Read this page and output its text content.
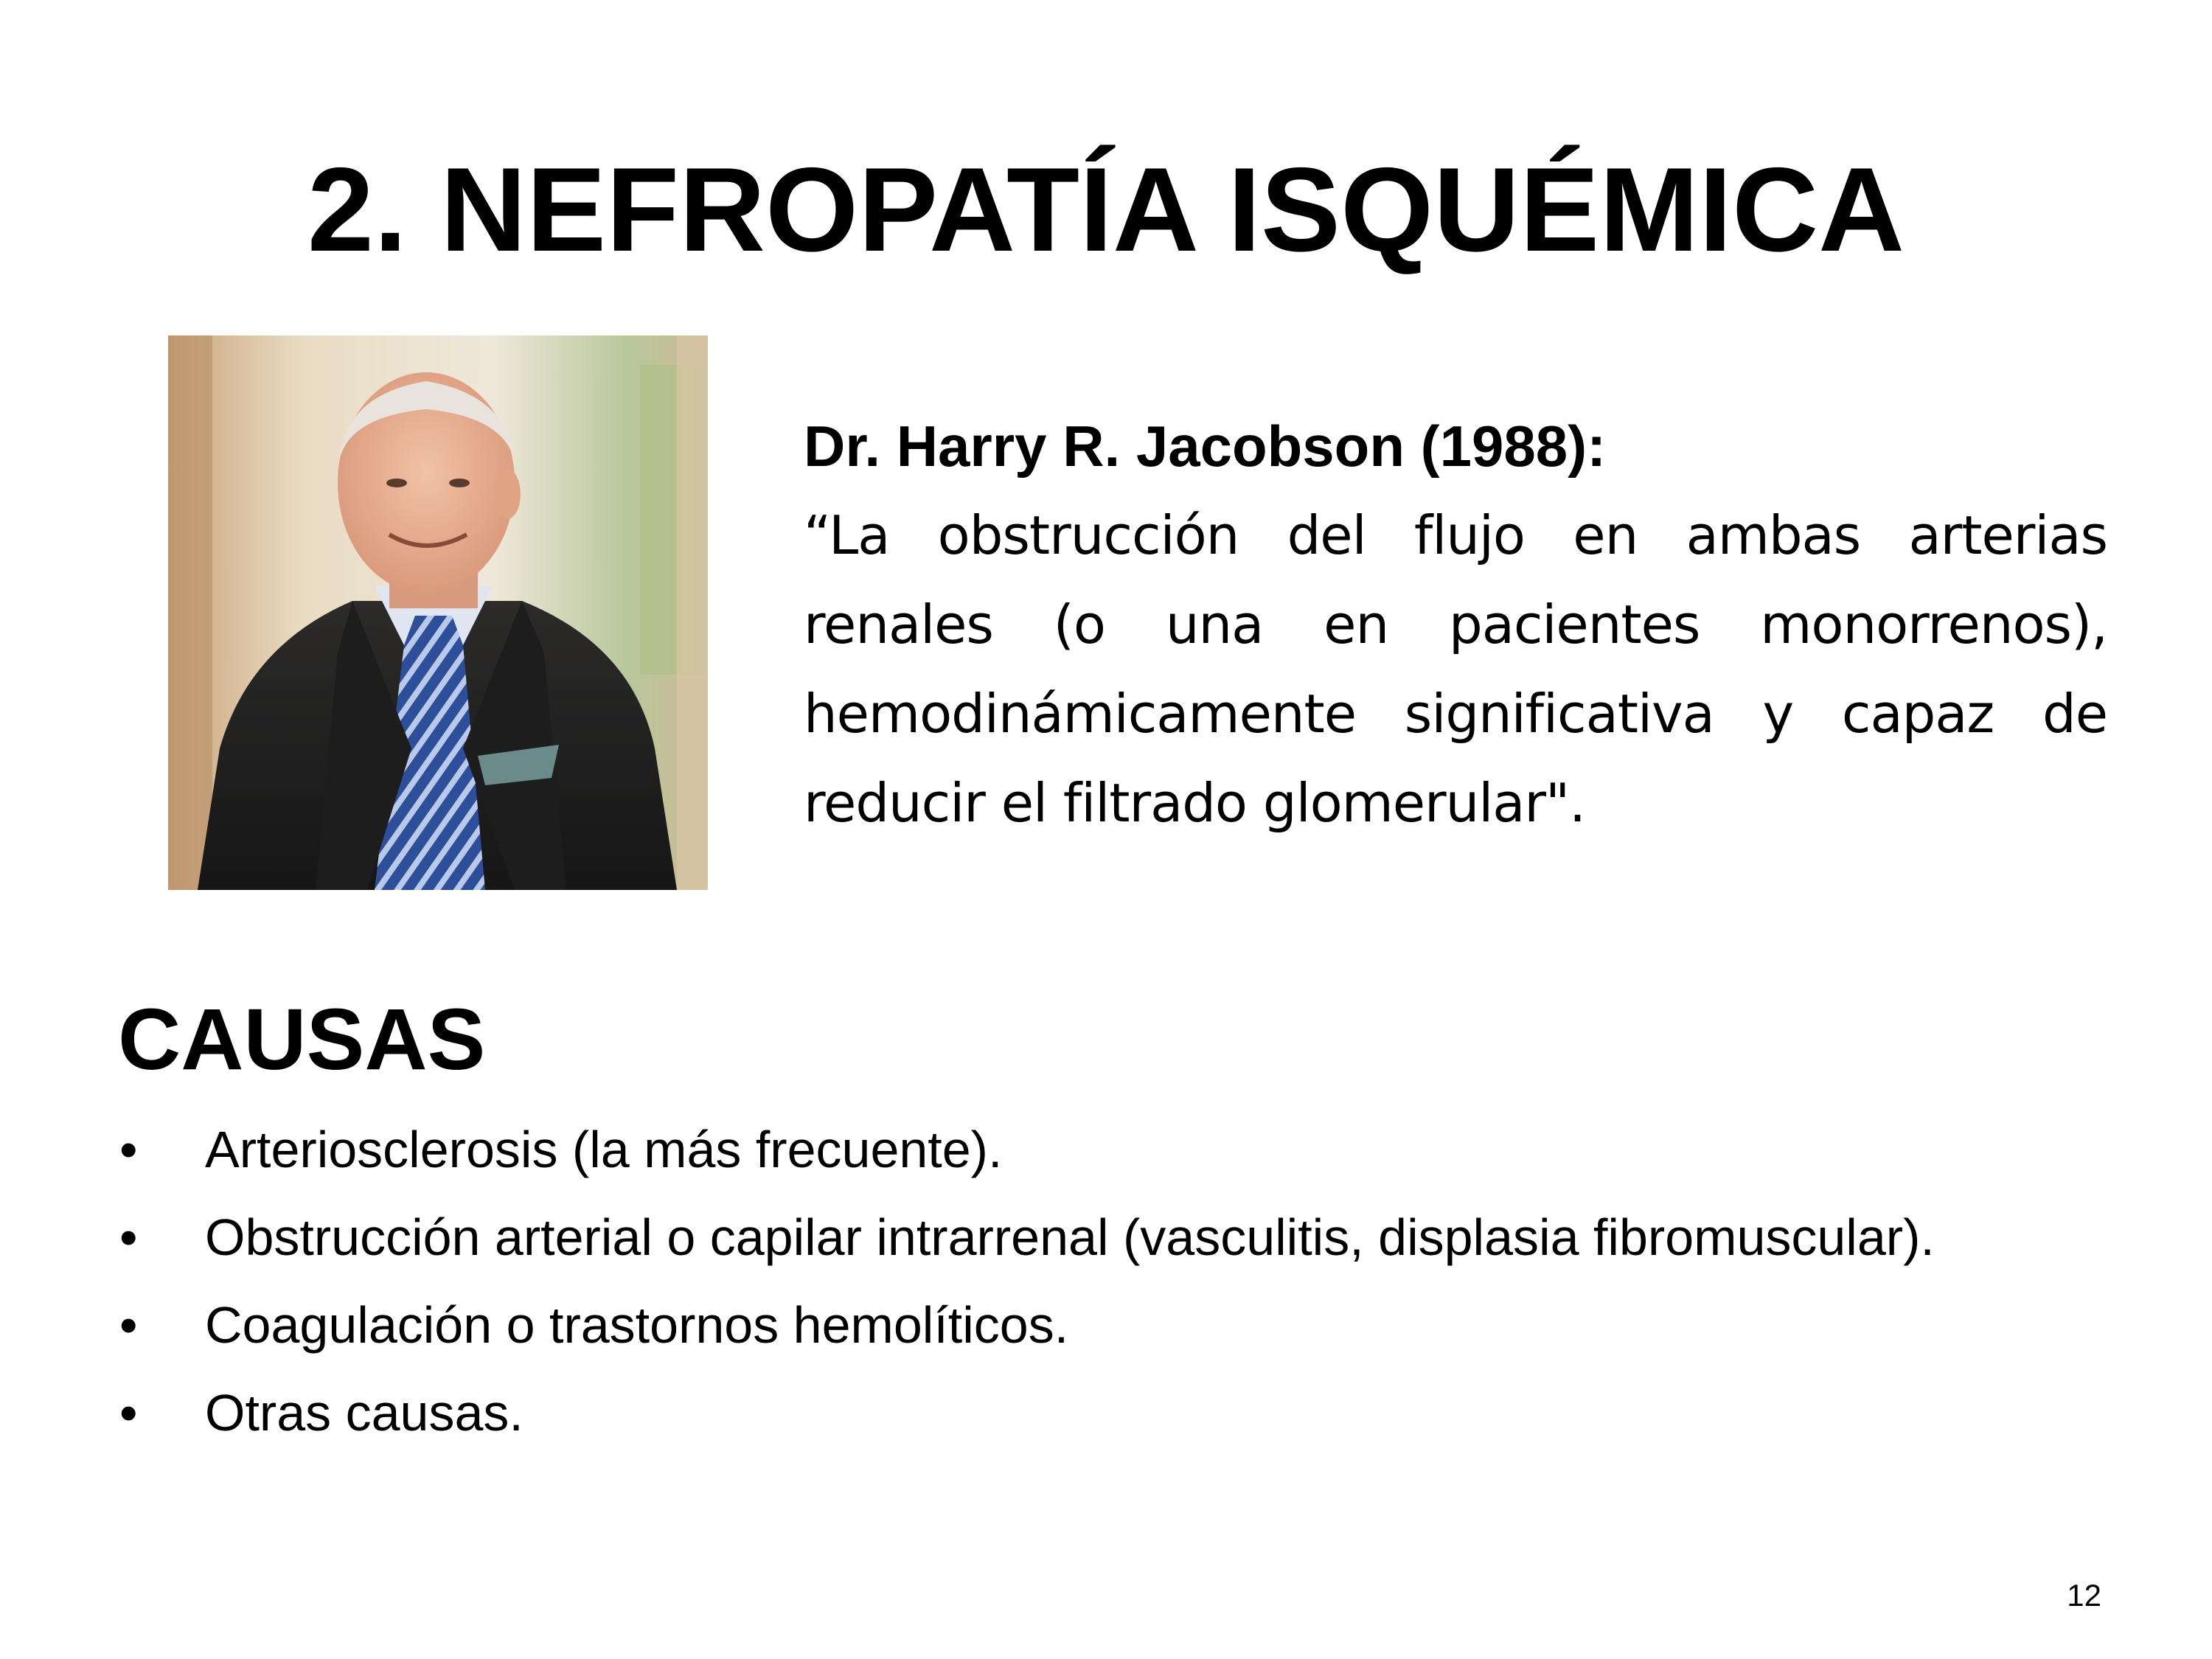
2. NEFROPATÍA ISQUÉMICA
Dr. Harry R. Jacobson (1988):
“La obstrucción del flujo en ambas arterias renales (o una en pacientes monorrenos), hemodinámicamente significativa y capaz de reducir el filtrado glomerular".
CAUSAS
• Arteriosclerosis (la más frecuente).
• Obstrucción arterial o capilar intrarrenal (vasculitis, displasia fibromuscular).
• Coagulación o trastornos hemolíticos.
• Otras causas.
12
